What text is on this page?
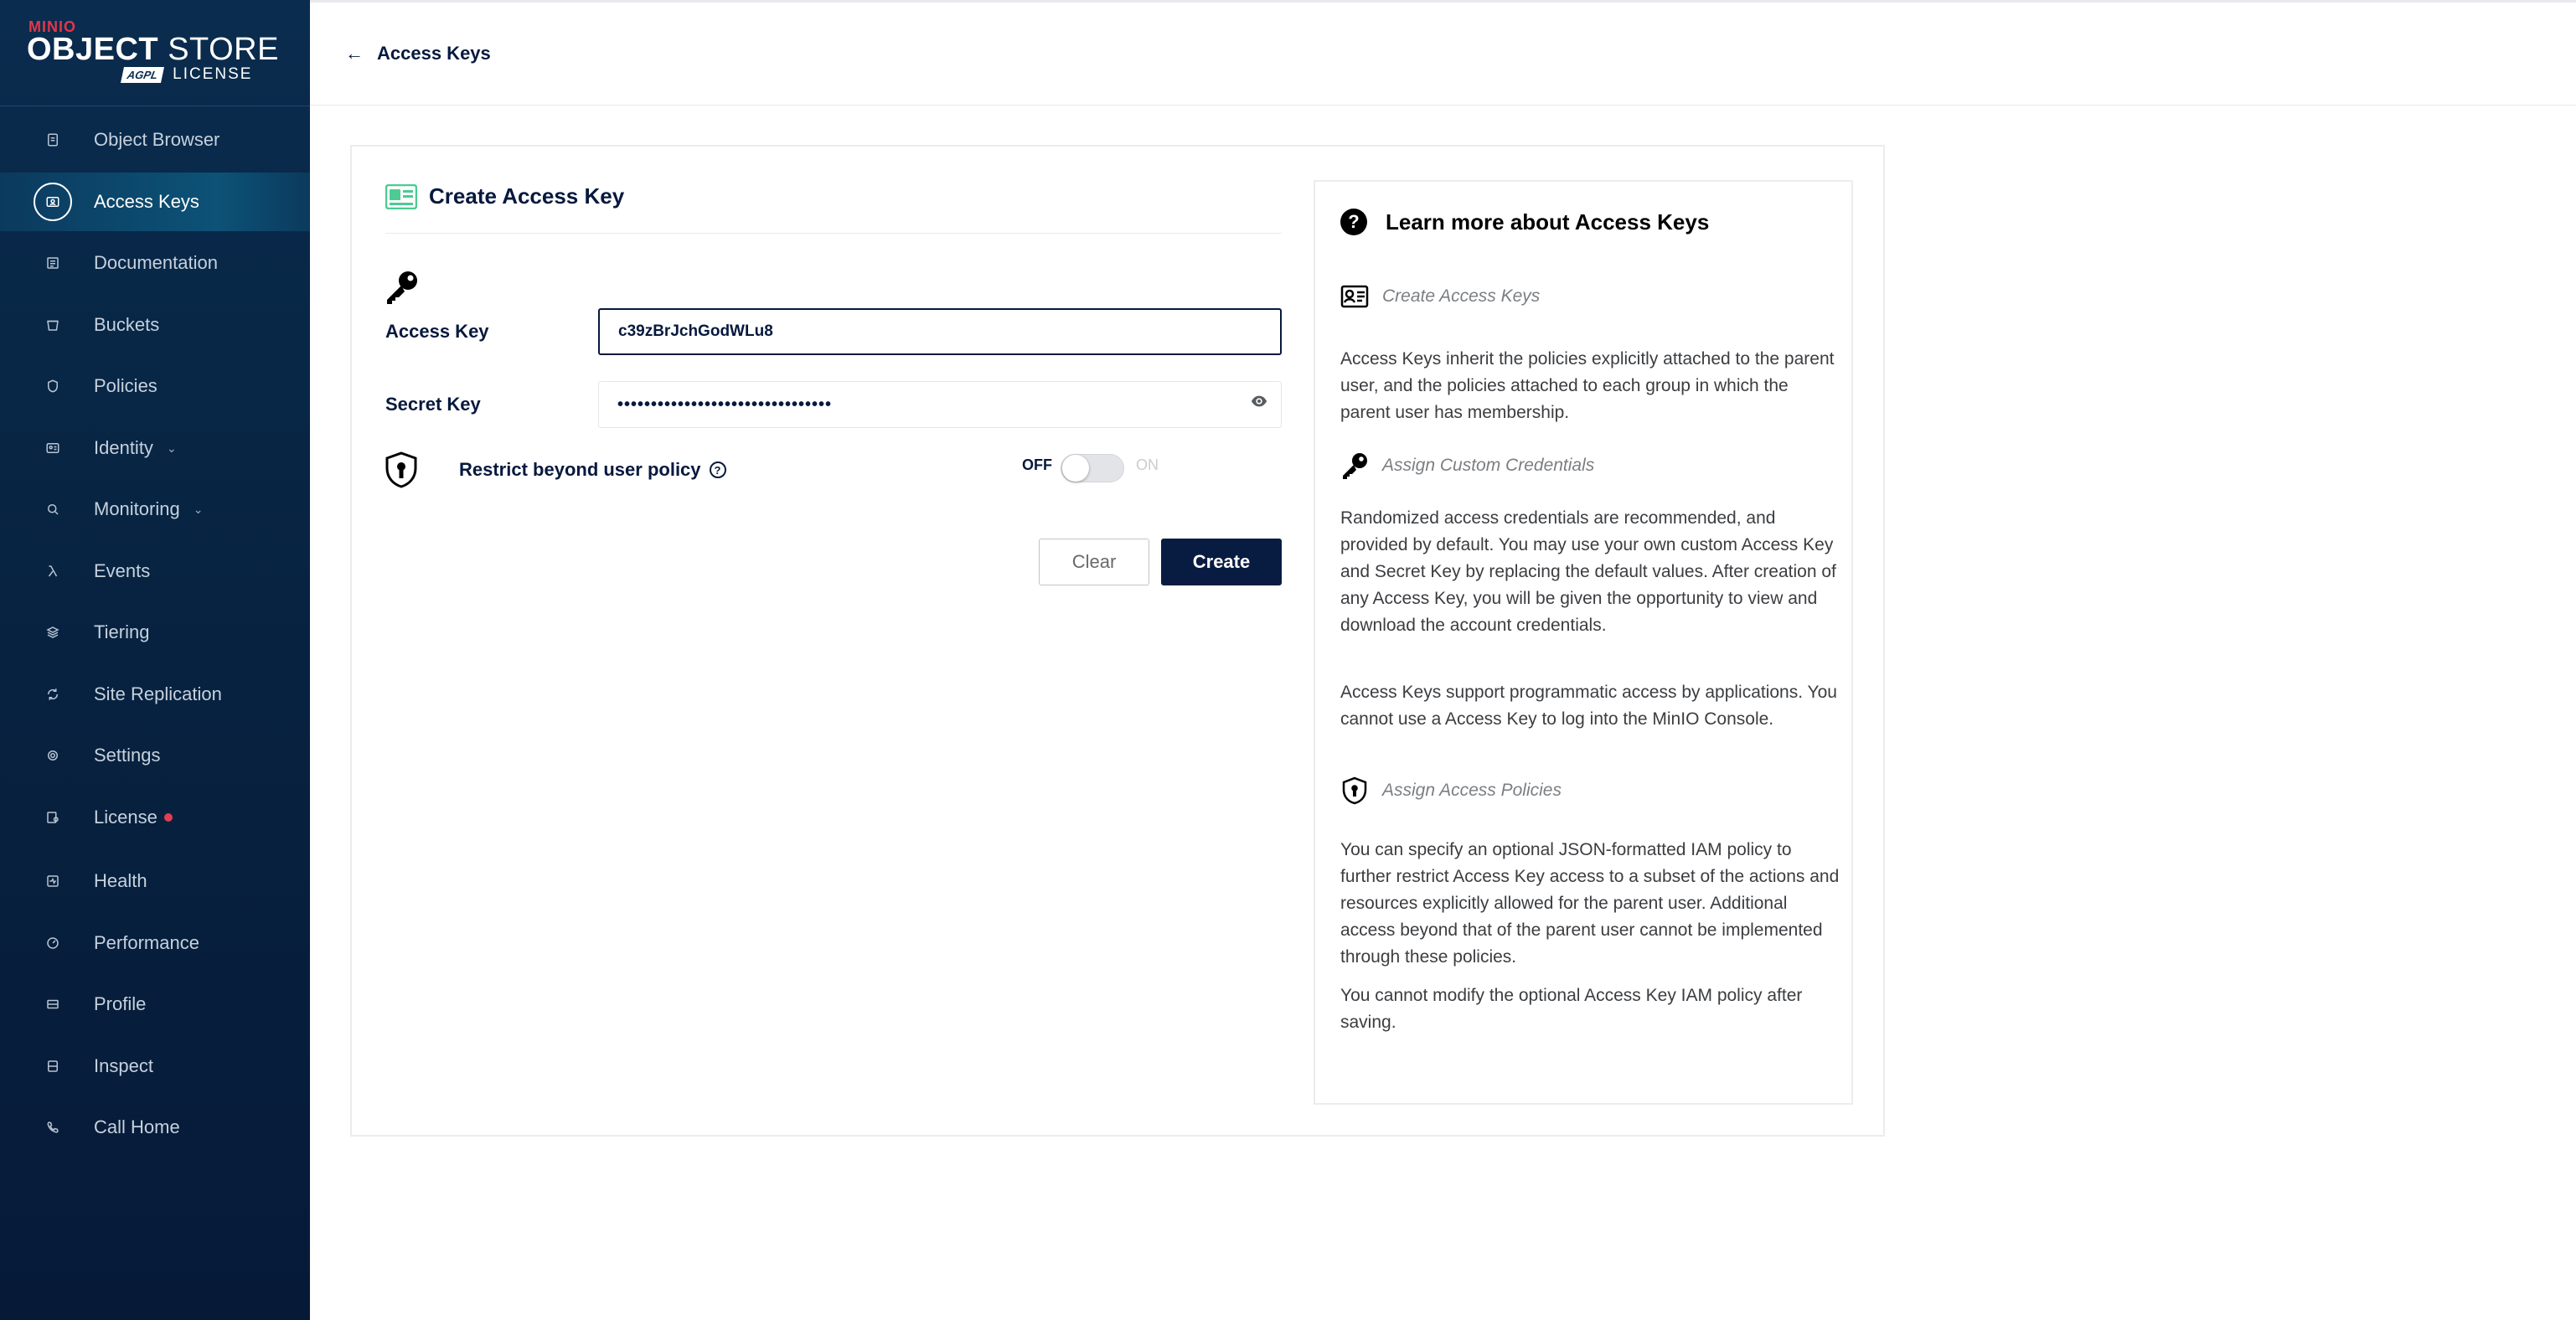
MINIO
OBJECT STORE
AGPL LICENSE
Object Browser
Access Keys
Documentation
Buckets
Policies
Identity ⌄
Monitoring ⌄
Events
Tiering
Site Replication
Settings
License
Health
Performance
Profile
Inspect
Call Home
← Access Keys
Create Access Key
Access Key
c39zBrJchGodWLu8
Secret Key
••••••••••••••••••••••••••••••••
Restrict beyond user policy	?	OFF	ON
Clear	Create
?	Learn more about Access Keys
Create Access Keys

Access Keys inherit the policies explicitly attached to the parent user, and the policies attached to each group in which the parent user has membership.

Assign Custom Credentials

Randomized access credentials are recommended, and provided by default. You may use your own custom Access Key and Secret Key by replacing the default values. After creation of any Access Key, you will be given the opportunity to view and download the account credentials.

Access Keys support programmatic access by applications. You cannot use a Access Key to log into the MinIO Console.

Assign Access Policies

You can specify an optional JSON-formatted IAM policy to further restrict Access Key access to a subset of the actions and resources explicitly allowed for the parent user. Additional access beyond that of the parent user cannot be implemented through these policies.

You cannot modify the optional Access Key IAM policy after saving.
